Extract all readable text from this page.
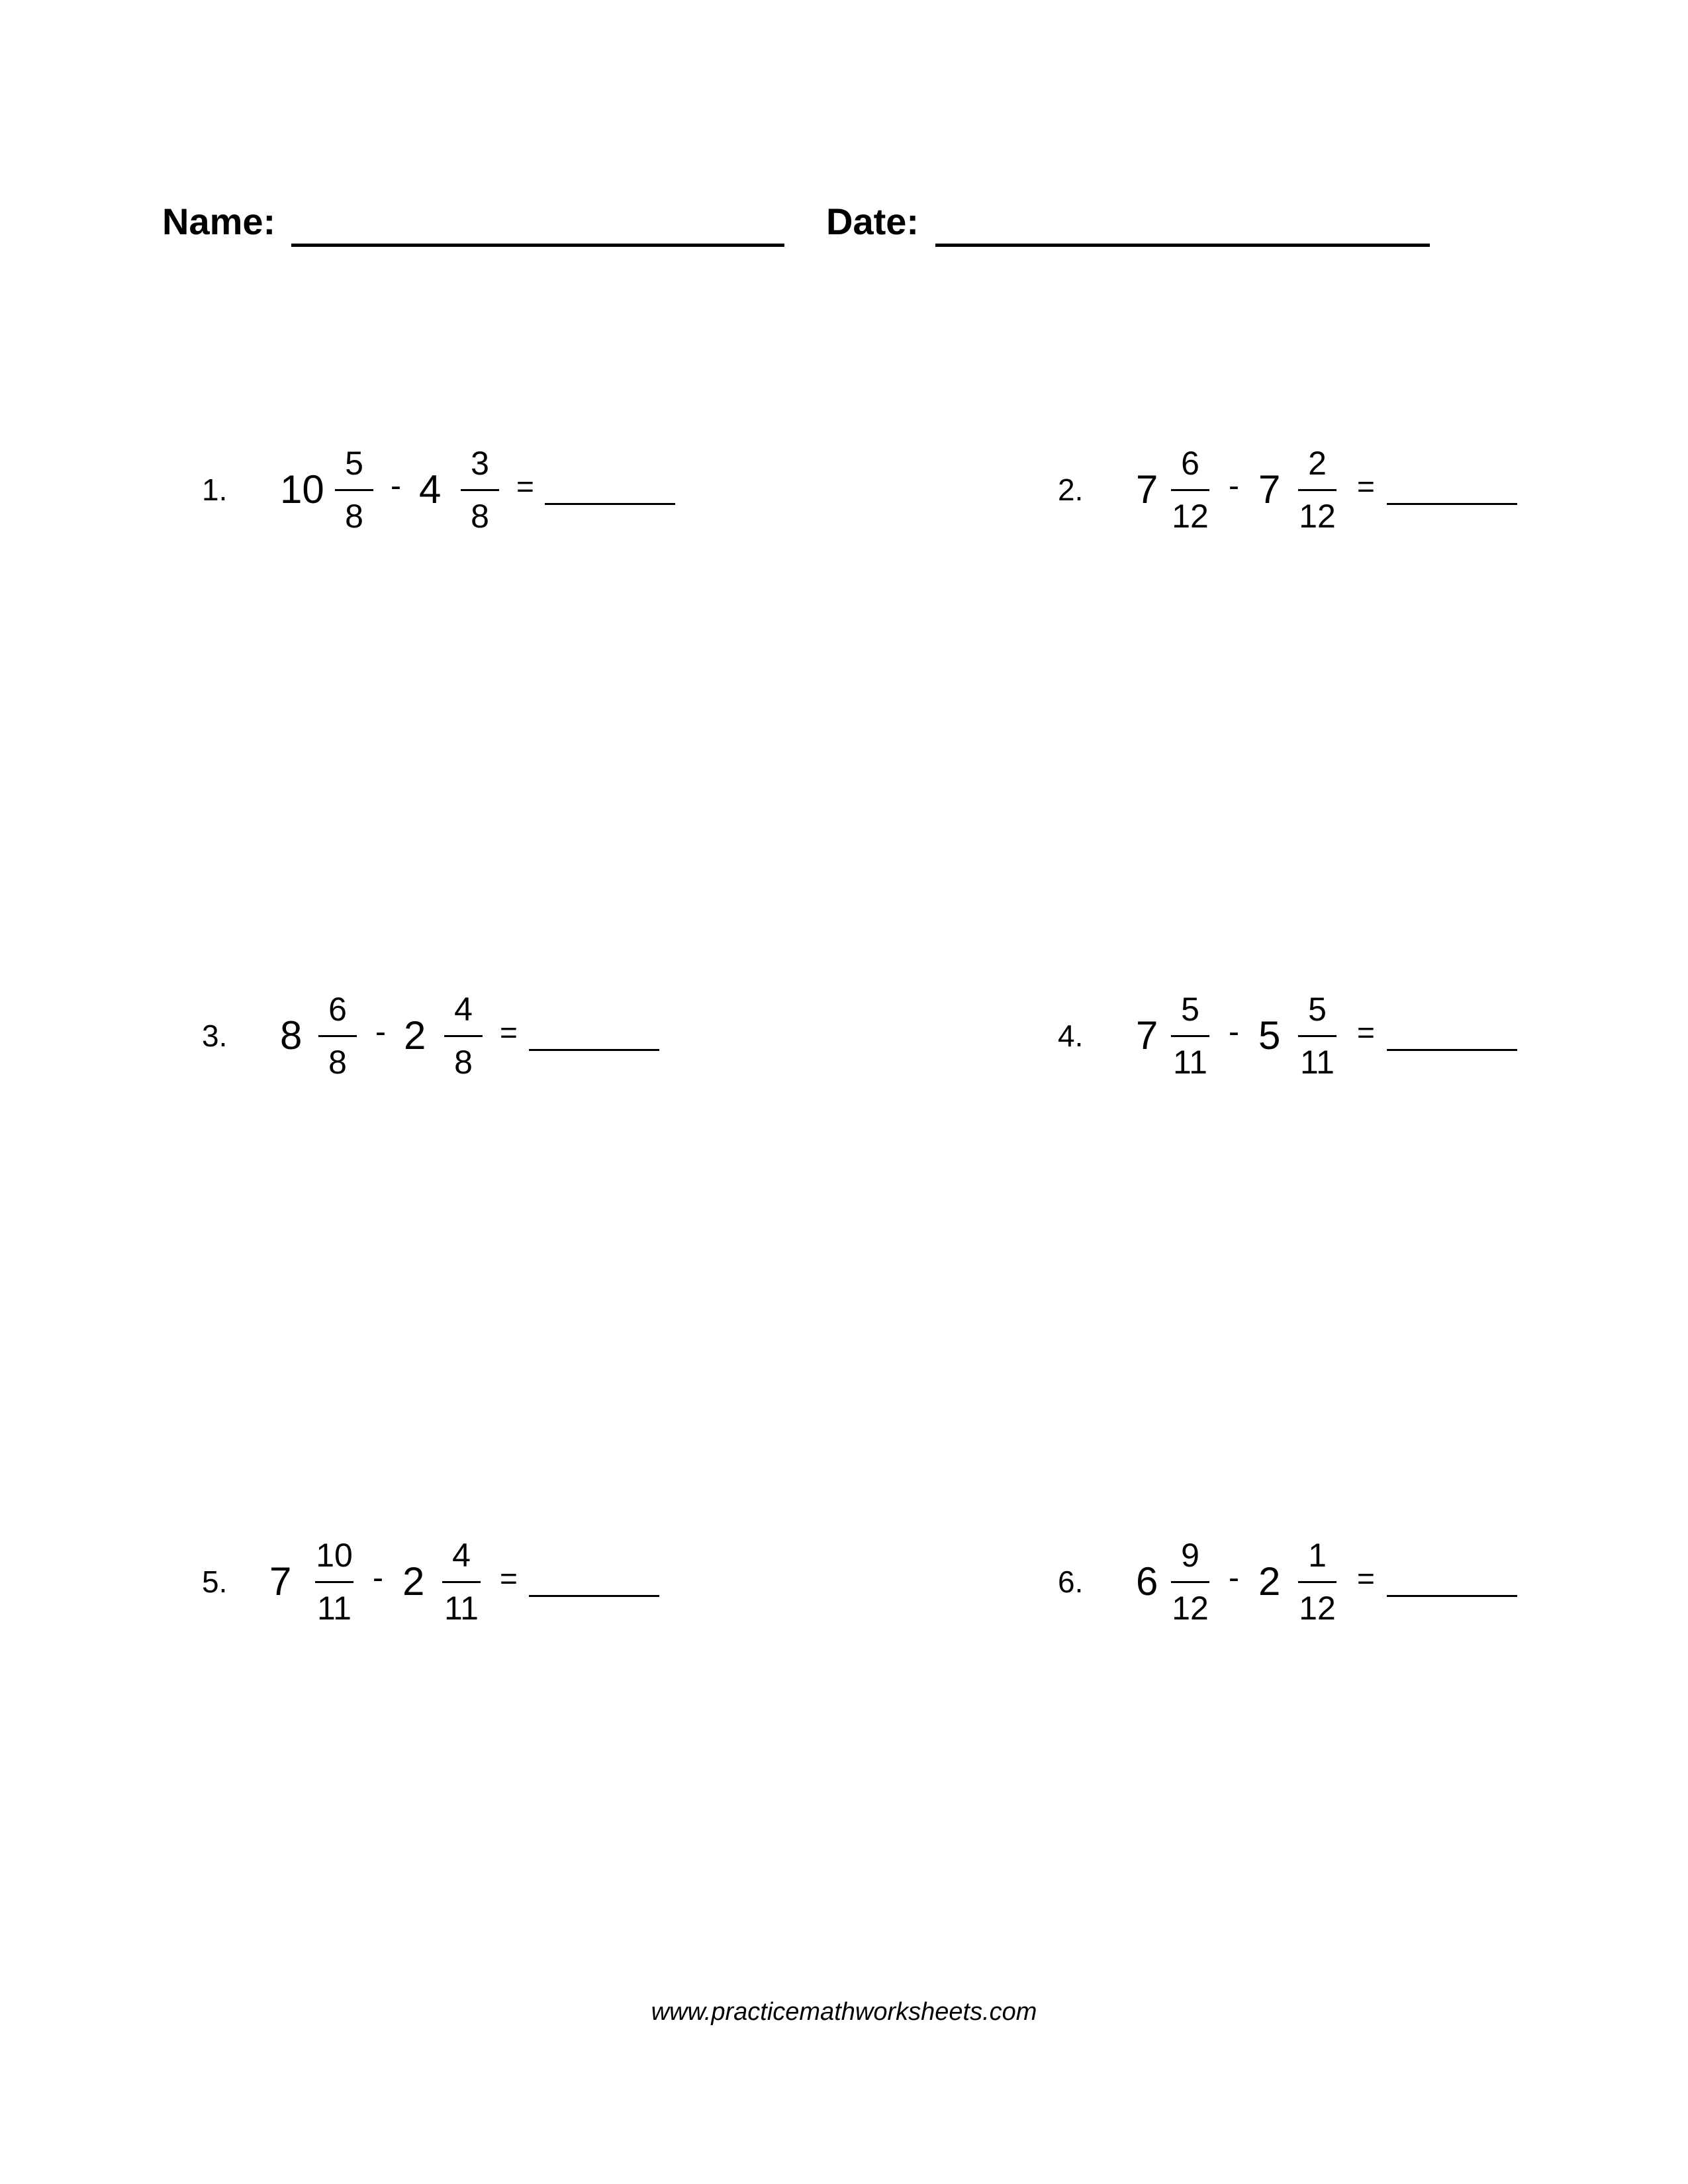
Name:	Date:
1. 10
5
8
- 4
3
8
=	2. 7
6
12
- 7
2
12
=
3. 8
6
8
- 2
4
8
=	4. 7
5
11
- 5
5
11
=
5. 7
10
11
- 2
4
11
=	6. 6
9
12
- 2
1
12
=
www.practicemathworksheets.com
